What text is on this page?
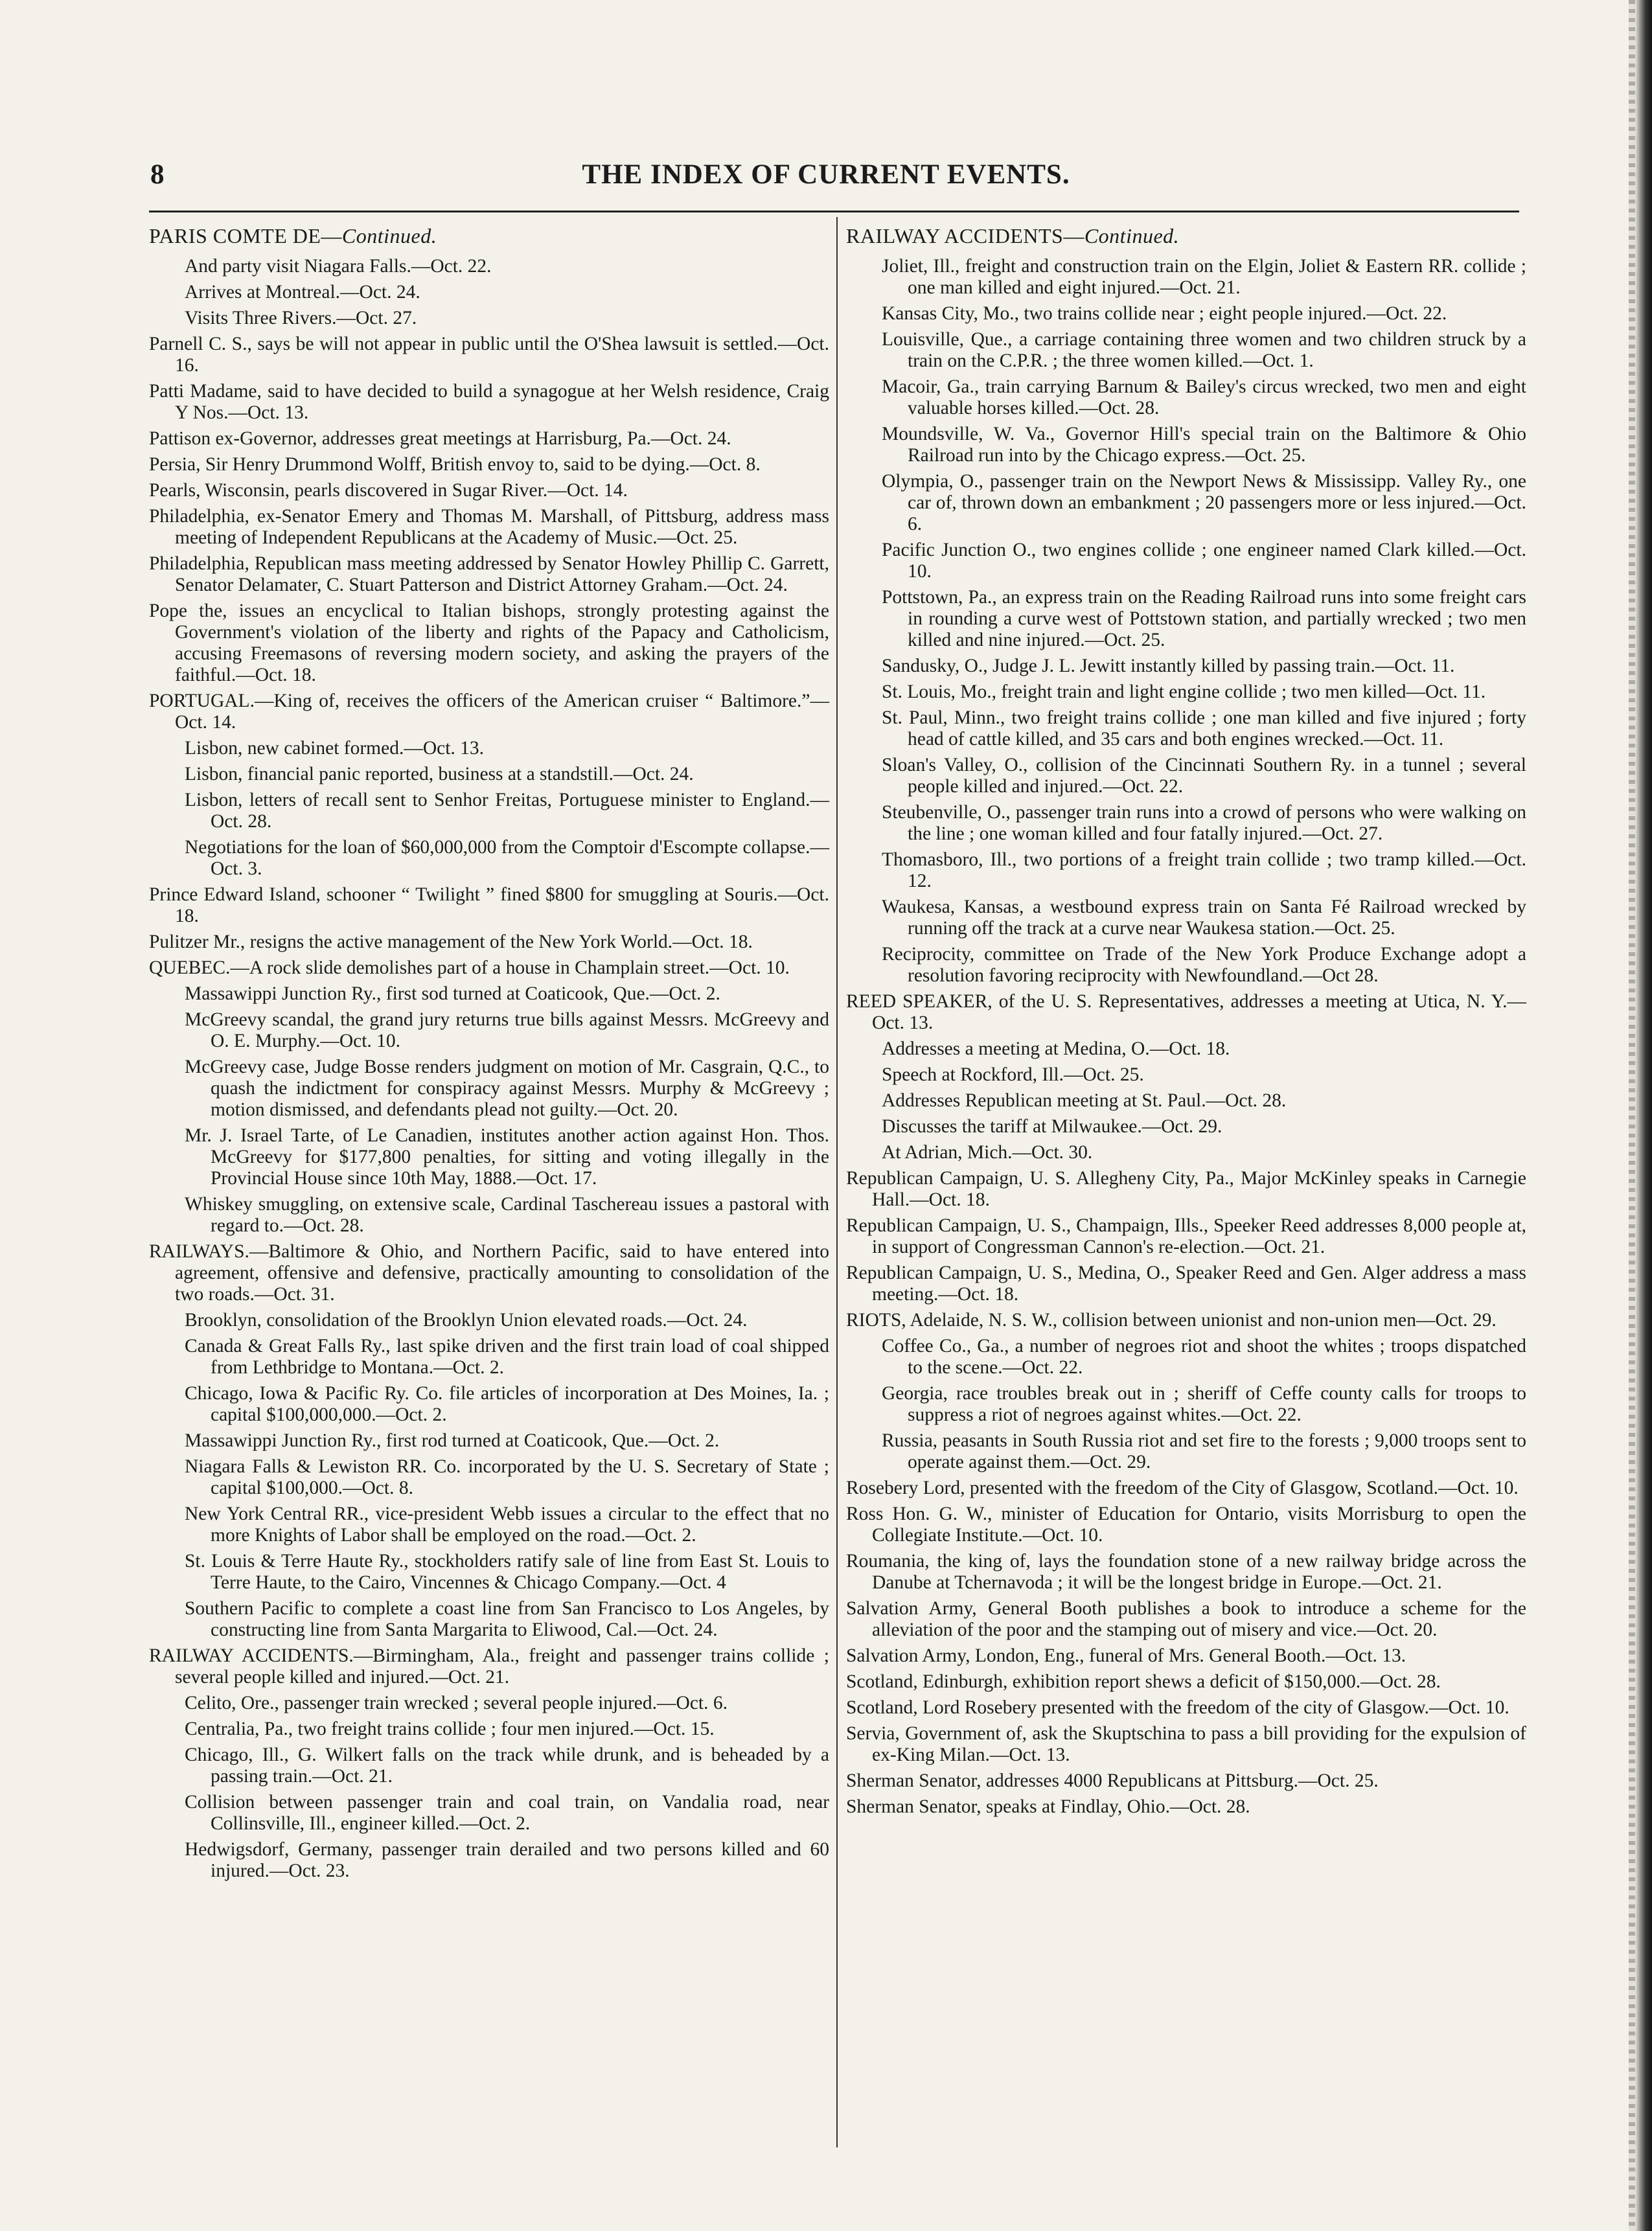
8	THE INDEX OF CURRENT EVENTS.
PARIS COMTE DE—Continued.

And party visit Niagara Falls.—Oct. 22.

Arrives at Montreal.—Oct. 24.

Visits Three Rivers.—Oct. 27.

Parnell C. S., says be will not appear in public until the O'Shea lawsuit is settled.—Oct. 16.

Patti Madame, said to have decided to build a synagogue at her Welsh residence, Craig Y Nos.—Oct. 13.

Pattison ex-Governor, addresses great meetings at Harrisburg, Pa.—Oct. 24.

Persia, Sir Henry Drummond Wolff, British envoy to, said to be dying.—Oct. 8.

Pearls, Wisconsin, pearls discovered in Sugar River.—Oct. 14.

Philadelphia, ex-Senator Emery and Thomas M. Marshall, of Pittsburg, address mass meeting of Independent Republicans at the Academy of Music.—Oct. 25.

Philadelphia, Republican mass meeting addressed by Senator Howley Phillip C. Garrett, Senator Delamater, C. Stuart Patterson and District Attorney Graham.—Oct. 24.

Pope the, issues an encyclical to Italian bishops, strongly protesting against the Government's violation of the liberty and rights of the Papacy and Catholicism, accusing Freemasons of reversing modern society, and asking the prayers of the faithful.—Oct. 18.

PORTUGAL.—King of, receives the officers of the American cruiser “ Baltimore.”—Oct. 14.

Lisbon, new cabinet formed.—Oct. 13.

Lisbon, financial panic reported, business at a standstill.—Oct. 24.

Lisbon, letters of recall sent to Senhor Freitas, Portuguese minister to England.—Oct. 28.

Negotiations for the loan of $60,000,000 from the Comptoir d'Escompte collapse.—Oct. 3.

Prince Edward Island, schooner “ Twilight ” fined $800 for smuggling at Souris.—Oct. 18.

Pulitzer Mr., resigns the active management of the New York World.—Oct. 18.

QUEBEC.—A rock slide demolishes part of a house in Champlain street.—Oct. 10.

Massawippi Junction Ry., first sod turned at Coaticook, Que.—Oct. 2.

McGreevy scandal, the grand jury returns true bills against Messrs. McGreevy and O. E. Murphy.—Oct. 10.

McGreevy case, Judge Bosse renders judgment on motion of Mr. Casgrain, Q.C., to quash the indictment for conspiracy against Messrs. Murphy & McGreevy ; motion dismissed, and defendants plead not guilty.—Oct. 20.

Mr. J. Israel Tarte, of Le Canadien, institutes another action against Hon. Thos. McGreevy for $177,800 penalties, for sitting and voting illegally in the Provincial House since 10th May, 1888.—Oct. 17.

Whiskey smuggling, on extensive scale, Cardinal Taschereau issues a pastoral with regard to.—Oct. 28.

RAILWAYS.—Baltimore & Ohio, and Northern Pacific, said to have entered into agreement, offensive and defensive, practically amounting to consolidation of the two roads.—Oct. 31.

Brooklyn, consolidation of the Brooklyn Union elevated roads.—Oct. 24.

Canada & Great Falls Ry., last spike driven and the first train load of coal shipped from Lethbridge to Montana.—Oct. 2.

Chicago, Iowa & Pacific Ry. Co. file articles of incorporation at Des Moines, Ia. ; capital $100,000,000.—Oct. 2.

Massawippi Junction Ry., first rod turned at Coaticook, Que.—Oct. 2.

Niagara Falls & Lewiston RR. Co. incorporated by the U. S. Secretary of State ; capital $100,000.—Oct. 8.

New York Central RR., vice-president Webb issues a circular to the effect that no more Knights of Labor shall be employed on the road.—Oct. 2.

St. Louis & Terre Haute Ry., stockholders ratify sale of line from East St. Louis to Terre Haute, to the Cairo, Vincennes & Chicago Company.—Oct. 4

Southern Pacific to complete a coast line from San Francisco to Los Angeles, by constructing line from Santa Margarita to Eliwood, Cal.—Oct. 24.

RAILWAY ACCIDENTS.—Birmingham, Ala., freight and passenger trains collide ; several people killed and injured.—Oct. 21.

Celito, Ore., passenger train wrecked ; several people injured.—Oct. 6.

Centralia, Pa., two freight trains collide ; four men injured.—Oct. 15.

Chicago, Ill., G. Wilkert falls on the track while drunk, and is beheaded by a passing train.—Oct. 21.

Collision between passenger train and coal train, on Vandalia road, near Collinsville, Ill., engineer killed.—Oct. 2.

Hedwigsdorf, Germany, passenger train derailed and two persons killed and 60 injured.—Oct. 23.

RAILWAY ACCIDENTS—Continued.

Joliet, Ill., freight and construction train on the Elgin, Joliet & Eastern RR. collide ; one man killed and eight injured.—Oct. 21.

Kansas City, Mo., two trains collide near ; eight people injured.—Oct. 22.

Louisville, Que., a carriage containing three women and two children struck by a train on the C.P.R. ; the three women killed.—Oct. 1.

Macoir, Ga., train carrying Barnum & Bailey's circus wrecked, two men and eight valuable horses killed.—Oct. 28.

Moundsville, W. Va., Governor Hill's special train on the Baltimore & Ohio Railroad run into by the Chicago express.—Oct. 25.

Olympia, O., passenger train on the Newport News & Mississipp. Valley Ry., one car of, thrown down an embankment ; 20 passengers more or less injured.—Oct. 6.

Pacific Junction O., two engines collide ; one engineer named Clark killed.—Oct. 10.

Pottstown, Pa., an express train on the Reading Railroad runs into some freight cars in rounding a curve west of Pottstown station, and partially wrecked ; two men killed and nine injured.—Oct. 25.

Sandusky, O., Judge J. L. Jewitt instantly killed by passing train.—Oct. 11.

St. Louis, Mo., freight train and light engine collide ; two men killed—Oct. 11.

St. Paul, Minn., two freight trains collide ; one man killed and five injured ; forty head of cattle killed, and 35 cars and both engines wrecked.—Oct. 11.

Sloan's Valley, O., collision of the Cincinnati Southern Ry. in a tunnel ; several people killed and injured.—Oct. 22.

Steubenville, O., passenger train runs into a crowd of persons who were walking on the line ; one woman killed and four fatally injured.—Oct. 27.

Thomasboro, Ill., two portions of a freight train collide ; two tramp killed.—Oct. 12.

Waukesa, Kansas, a westbound express train on Santa Fé Railroad wrecked by running off the track at a curve near Waukesa station.—Oct. 25.

Reciprocity, committee on Trade of the New York Produce Exchange adopt a resolution favoring reciprocity with Newfoundland.—Oct 28.

REED SPEAKER, of the U. S. Representatives, addresses a meeting at Utica, N. Y.—Oct. 13.

Addresses a meeting at Medina, O.—Oct. 18.

Speech at Rockford, Ill.—Oct. 25.

Addresses Republican meeting at St. Paul.—Oct. 28.

Discusses the tariff at Milwaukee.—Oct. 29.

At Adrian, Mich.—Oct. 30.

Republican Campaign, U. S. Allegheny City, Pa., Major McKinley speaks in Carnegie Hall.—Oct. 18.

Republican Campaign, U. S., Champaign, Ills., Speeker Reed addresses 8,000 people at, in support of Congressman Cannon's re-election.—Oct. 21.

Republican Campaign, U. S., Medina, O., Speaker Reed and Gen. Alger address a mass meeting.—Oct. 18.

RIOTS, Adelaide, N. S. W., collision between unionist and non-union men—Oct. 29.

Coffee Co., Ga., a number of negroes riot and shoot the whites ; troops dispatched to the scene.—Oct. 22.

Georgia, race troubles break out in ; sheriff of Ceffe county calls for troops to suppress a riot of negroes against whites.—Oct. 22.

Russia, peasants in South Russia riot and set fire to the forests ; 9,000 troops sent to operate against them.—Oct. 29.

Rosebery Lord, presented with the freedom of the City of Glasgow, Scotland.—Oct. 10.

Ross Hon. G. W., minister of Education for Ontario, visits Morrisburg to open the Collegiate Institute.—Oct. 10.

Roumania, the king of, lays the foundation stone of a new railway bridge across the Danube at Tchernavoda ; it will be the longest bridge in Europe.—Oct. 21.

Salvation Army, General Booth publishes a book to introduce a scheme for the alleviation of the poor and the stamping out of misery and vice.—Oct. 20.

Salvation Army, London, Eng., funeral of Mrs. General Booth.—Oct. 13.

Scotland, Edinburgh, exhibition report shews a deficit of $150,000.—Oct. 28.

Scotland, Lord Rosebery presented with the freedom of the city of Glasgow.—Oct. 10.

Servia, Government of, ask the Skuptschina to pass a bill providing for the expulsion of ex-King Milan.—Oct. 13.

Sherman Senator, addresses 4000 Republicans at Pittsburg.—Oct. 25.

Sherman Senator, speaks at Findlay, Ohio.—Oct. 28.
